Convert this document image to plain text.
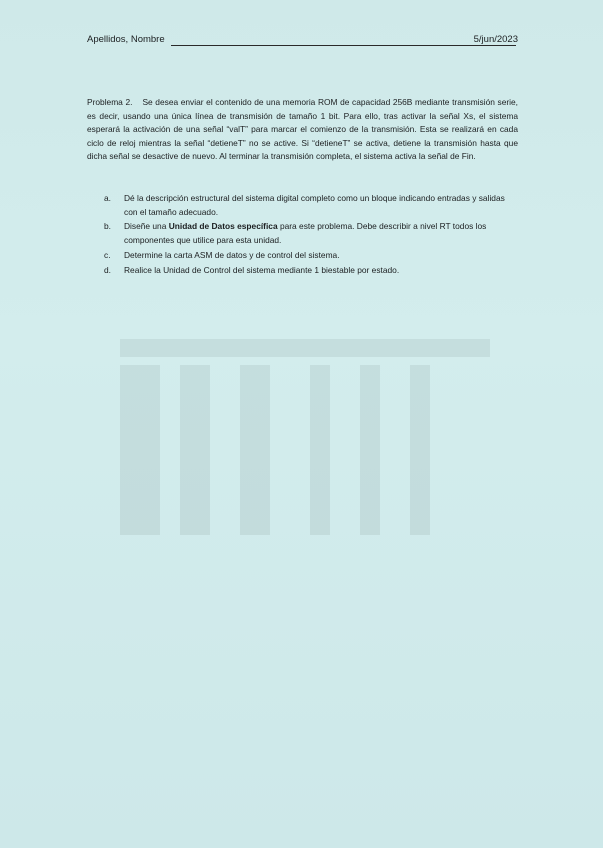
Apellidos, Nombre	5/jun/2023
Problema 2. Se desea enviar el contenido de una memoria ROM de capacidad 256B mediante transmisión serie, es decir, usando una única línea de transmisión de tamaño 1 bit. Para ello, tras activar la señal Xs, el sistema esperará la activación de una señal “valT” para marcar el comienzo de la transmisión. Esta se realizará en cada ciclo de reloj mientras la señal “detieneT” no se active. Si “detieneT” se activa, detiene la transmisión hasta que dicha señal se desactive de nuevo. Al terminar la transmisión completa, el sistema activa la señal de Fin.
a. Dé la descripción estructural del sistema digital completo como un bloque indicando entradas y salidas con el tamaño adecuado.
b. Diseñe una Unidad de Datos específica para este problema. Debe describir a nivel RT todos los componentes que utilice para esta unidad.
c. Determine la carta ASM de datos y de control del sistema.
d. Realice la Unidad de Control del sistema mediante 1 biestable por estado.
